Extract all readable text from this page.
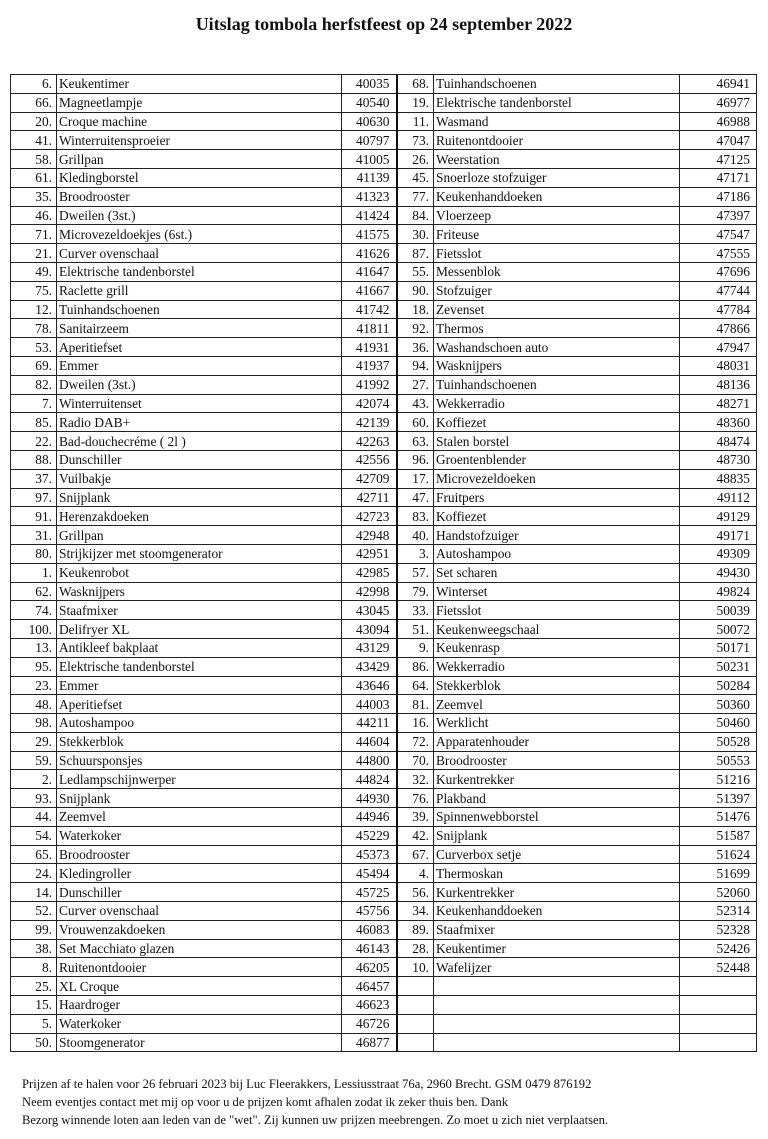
Uitslag tombola herfstfeest op 24 september 2022
6.	Keukentimer	40035	68.	Tuinhandschoenen	46941
66.	Magneetlampje	40540	19.	Elektrische tandenborstel	46977
20.	Croque machine	40630	11.	Wasmand	46988
41.	Winterruitensproeier	40797	73.	Ruitenontdooier	47047
58.	Grillpan	41005	26.	Weerstation	47125
61.	Kledingborstel	41139	45.	Snoerloze stofzuiger	47171
35.	Broodrooster	41323	77.	Keukenhanddoeken	47186
46.	Dweilen (3st.)	41424	84.	Vloerzeep	47397
71.	Microvezeldoekjes (6st.)	41575	30.	Friteuse	47547
21.	Curver ovenschaal	41626	87.	Fietsslot	47555
49.	Elektrische tandenborstel	41647	55.	Messenblok	47696
75.	Raclette grill	41667	90.	Stofzuiger	47744
12.	Tuinhandschoenen	41742	18.	Zevenset	47784
78.	Sanitairzeem	41811	92.	Thermos	47866
53.	Aperitiefset	41931	36.	Washandschoen auto	47947
69.	Emmer	41937	94.	Wasknijpers	48031
82.	Dweilen (3st.)	41992	27.	Tuinhandschoenen	48136
7.	Winterruitenset	42074	43.	Wekkerradio	48271
85.	Radio DAB+	42139	60.	Koffiezet	48360
22.	Bad-douchecréme ( 2l )	42263	63.	Stalen borstel	48474
88.	Dunschiller	42556	96.	Groentenblender	48730
37.	Vuilbakje	42709	17.	Microvezeldoeken	48835
97.	Snijplank	42711	47.	Fruitpers	49112
91.	Herenzakdoeken	42723	83.	Koffiezet	49129
31.	Grillpan	42948	40.	Handstofzuiger	49171
80.	Strijkijzer met stoomgenerator	42951	3.	Autoshampoo	49309
1.	Keukenrobot	42985	57.	Set scharen	49430
62.	Wasknijpers	42998	79.	Winterset	49824
74.	Staafmixer	43045	33.	Fietsslot	50039
100.	Delifryer XL	43094	51.	Keukenweegschaal	50072
13.	Antikleef bakplaat	43129	9.	Keukenrasp	50171
95.	Elektrische tandenborstel	43429	86.	Wekkerradio	50231
23.	Emmer	43646	64.	Stekkerblok	50284
48.	Aperitiefset	44003	81.	Zeemvel	50360
98.	Autoshampoo	44211	16.	Werklicht	50460
29.	Stekkerblok	44604	72.	Apparatenhouder	50528
59.	Schuursponsjes	44800	70.	Broodrooster	50553
2.	Ledlampschijnwerper	44824	32.	Kurkentrekker	51216
93.	Snijplank	44930	76.	Plakband	51397
44.	Zeemvel	44946	39.	Spinnenwebborstel	51476
54.	Waterkoker	45229	42.	Snijplank	51587
65.	Broodrooster	45373	67.	Curverbox setje	51624
24.	Kledingroller	45494	4.	Thermoskan	51699
14.	Dunschiller	45725	56.	Kurkentrekker	52060
52.	Curver ovenschaal	45756	34.	Keukenhanddoeken	52314
99.	Vrouwenzakdoeken	46083	89.	Staafmixer	52328
38.	Set Macchiato glazen	46143	28.	Keukentimer	52426
8.	Ruitenontdooier	46205	10.	Wafelijzer	52448
25.	XL Croque	46457			
15.	Haardroger	46623			
5.	Waterkoker	46726			
50.	Stoomgenerator	46877			
Prijzen af te halen voor 26 februari 2023 bij Luc Fleerakkers, Lessiusstraat 76a, 2960 Brecht. GSM 0479 876192
Neem eventjes contact met mij op voor u de prijzen komt afhalen zodat ik zeker thuis ben. Dank
Bezorg winnende loten aan leden van de "wet". Zij kunnen uw prijzen meebrengen. Zo moet u zich niet verplaatsen.
